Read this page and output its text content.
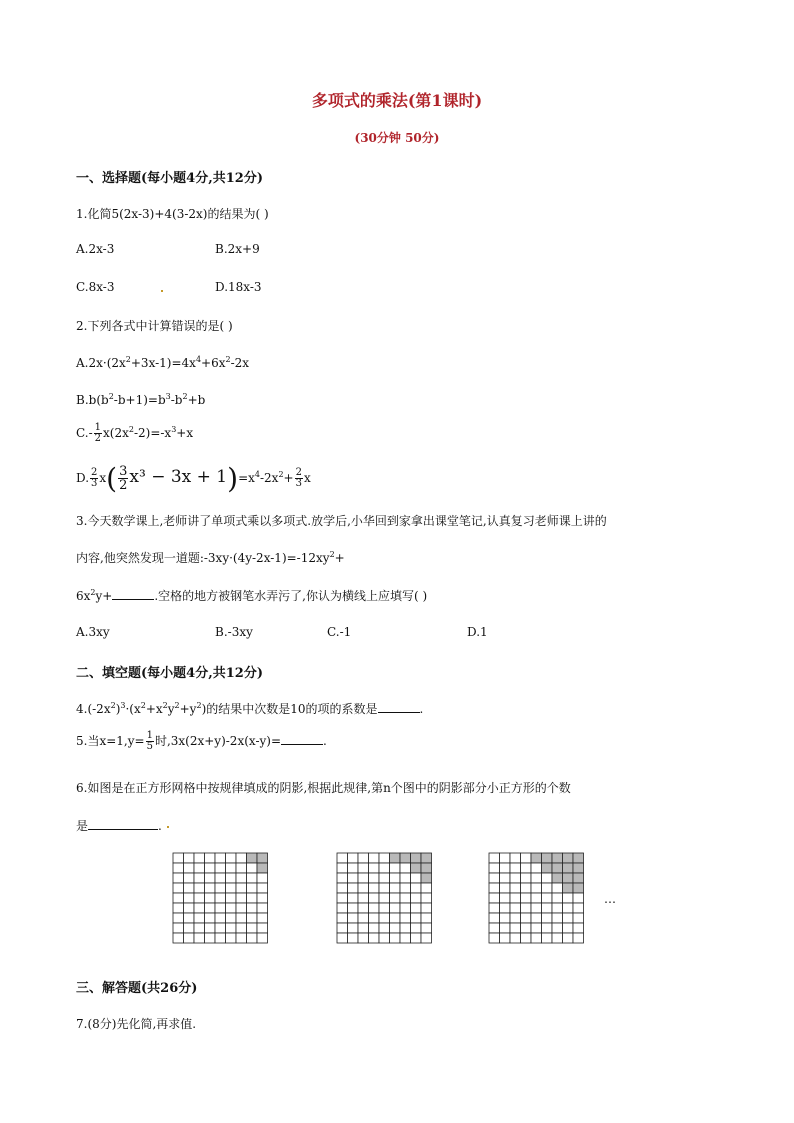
多项式的乘法(第1课时)
(30分钟 50分)
一、选择题(每小题4分,共12分)
1.化简5(2x-3)+4(3-2x)的结果为( )
A.2x-3	B.2x+9
C.8x-3	D.18x-3
2.下列各式中计算错误的是( )
$A.2x\cdot(2x^2+3x-1)=4x^4+6x^2-2x$
$B.b(b^2-b+1)=b^3-b^2+b$
$C.- \frac{1}{2} x(2x^2-2)=-x^3+x$
D. $\frac{2}{3} x( \frac{3}{2} x^3 - 3x + 1)=x^4-2x^2+ \frac{2}{3}$ x
3.今天数学课上,老师讲了单项式乘以多项式.放学后,小华回到家拿出课堂笔记,认真复习老师课上讲的
内容,他突然发现一道题$:-3xy\cdot(4y-2x-1)=-12xy^2+$
$6x^2y+$	.空格的地方被钢笔水弄污了,你认为横线上应填写( )
A.3xy	B.-3xy	C.-1	D.1
二、填空题(每小题4分,共12分)
$4.(-2x^2)^3\cdot(x^2+x^2y^2+y^2)$的结果中次数是10的项的系数是	.
5.当$x=1,y= \frac{1}{5}$ 时,3x(2x+y)-2x(x-y)=	.
6.如图是在正方形网格中按规律填成的阴影,根据此规律,第n个图中的阴影部分小正方形的个数
是	.
…
三、解答题(共26分)
7.(8分)先化简,再求值.
